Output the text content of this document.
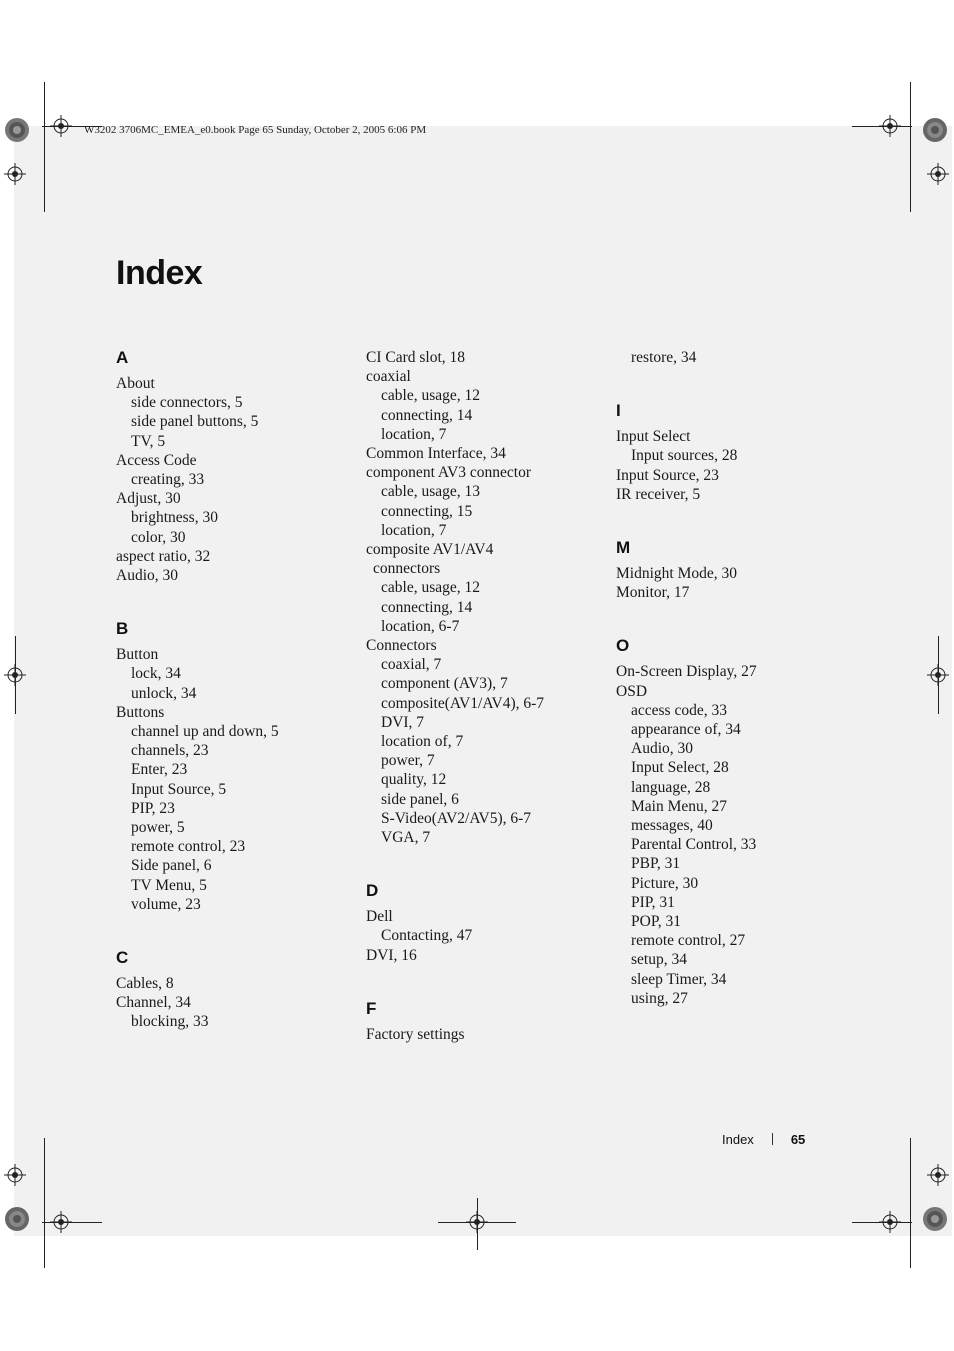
W3202 3706MC_EMEA_e0.book Page 65 Sunday, October 2, 2005 6:06 PM
Index
A
About
side connectors, 5
side panel buttons, 5
TV, 5
Access Code
creating, 33
Adjust, 30
brightness, 30
color, 30
aspect ratio, 32
Audio, 30
B
Button
lock, 34
unlock, 34
Buttons
channel up and down, 5
channels, 23
Enter, 23
Input Source, 5
PIP, 23
power, 5
remote control, 23
Side panel, 6
TV Menu, 5
volume, 23
C
Cables, 8
Channel, 34
blocking, 33
CI Card slot, 18
coaxial
cable, usage, 12
connecting, 14
location, 7
Common Interface, 34
component AV3 connector
cable, usage, 13
connecting, 15
location, 7
composite AV1/AV4
connectors
cable, usage, 12
connecting, 14
location, 6-7
Connectors
coaxial, 7
component (AV3), 7
composite(AV1/AV4), 6-7
DVI, 7
location of, 7
power, 7
quality, 12
side panel, 6
S-Video(AV2/AV5), 6-7
VGA, 7
D
Dell
Contacting, 47
DVI, 16
F
Factory settings
restore, 34
I
Input Select
Input sources, 28
Input Source, 23
IR receiver, 5
M
Midnight Mode, 30
Monitor, 17
O
On-Screen Display, 27
OSD
access code, 33
appearance of, 34
Audio, 30
Input Select, 28
language, 28
Main Menu, 27
messages, 40
Parental Control, 33
PBP, 31
Picture, 30
PIP, 31
POP, 31
remote control, 27
setup, 34
sleep Timer, 34
using, 27
Index	65
